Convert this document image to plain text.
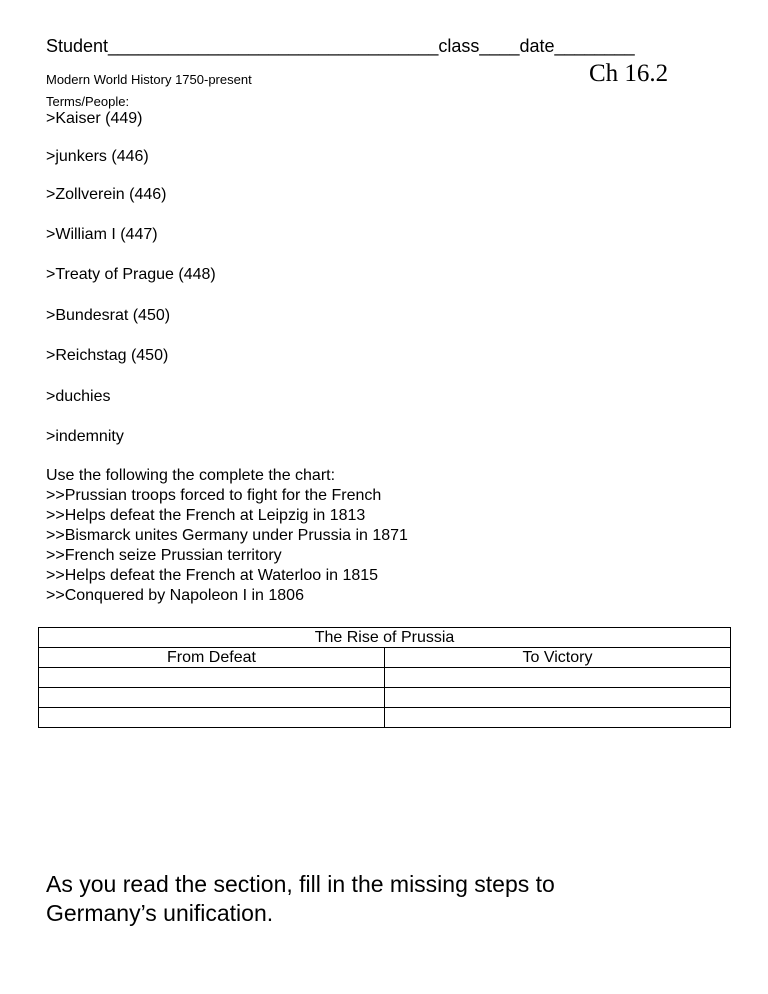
Student_________________________________class____date________
Modern World History 1750-present	Ch 16.2
Terms/People:
>Kaiser (449)
>junkers (446)
>Zollverein (446)
>William I (447)
>Treaty of Prague (448)
>Bundesrat (450)
>Reichstag (450)
>duchies
>indemnity
Use the following the complete the chart:
>>Prussian troops forced to fight for the French
>>Helps defeat the French at Leipzig in 1813
>>Bismarck unites Germany under Prussia in 1871
>>French seize Prussian territory
>>Helps defeat the French at Waterloo in 1815
>>Conquered by Napoleon I in 1806
The Rise of Prussia	
From Defeat	To Victory

As you read the section, fill in the missing steps to Germany’s unification.
